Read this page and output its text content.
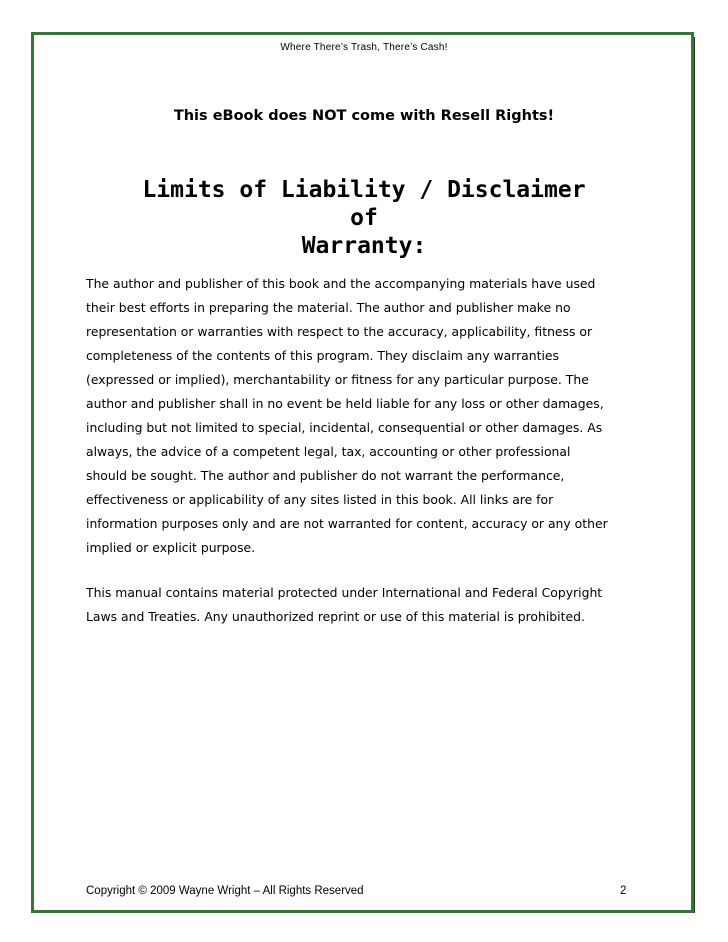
Where There’s Trash, There’s Cash!
This eBook does NOT come with Resell Rights!
Limits of Liability / Disclaimer of
Warranty:
The author and publisher of this book and the accompanying materials have used
their best efforts in preparing the material. The author and publisher make no
representation or warranties with respect to the accuracy, applicability, fitness or
completeness of the contents of this program. They disclaim any warranties
(expressed or implied), merchantability or fitness for any particular purpose. The
author and publisher shall in no event be held liable for any loss or other damages,
including but not limited to special, incidental, consequential or other damages. As
always, the advice of a competent legal, tax, accounting or other professional
should be sought. The author and publisher do not warrant the performance,
effectiveness or applicability of any sites listed in this book. All links are for
information purposes only and are not warranted for content, accuracy or any other
implied or explicit purpose.
This manual contains material protected under International and Federal Copyright
Laws and Treaties. Any unauthorized reprint or use of this material is prohibited.
Copyright © 2009 Wayne Wright – All Rights Reserved	2
